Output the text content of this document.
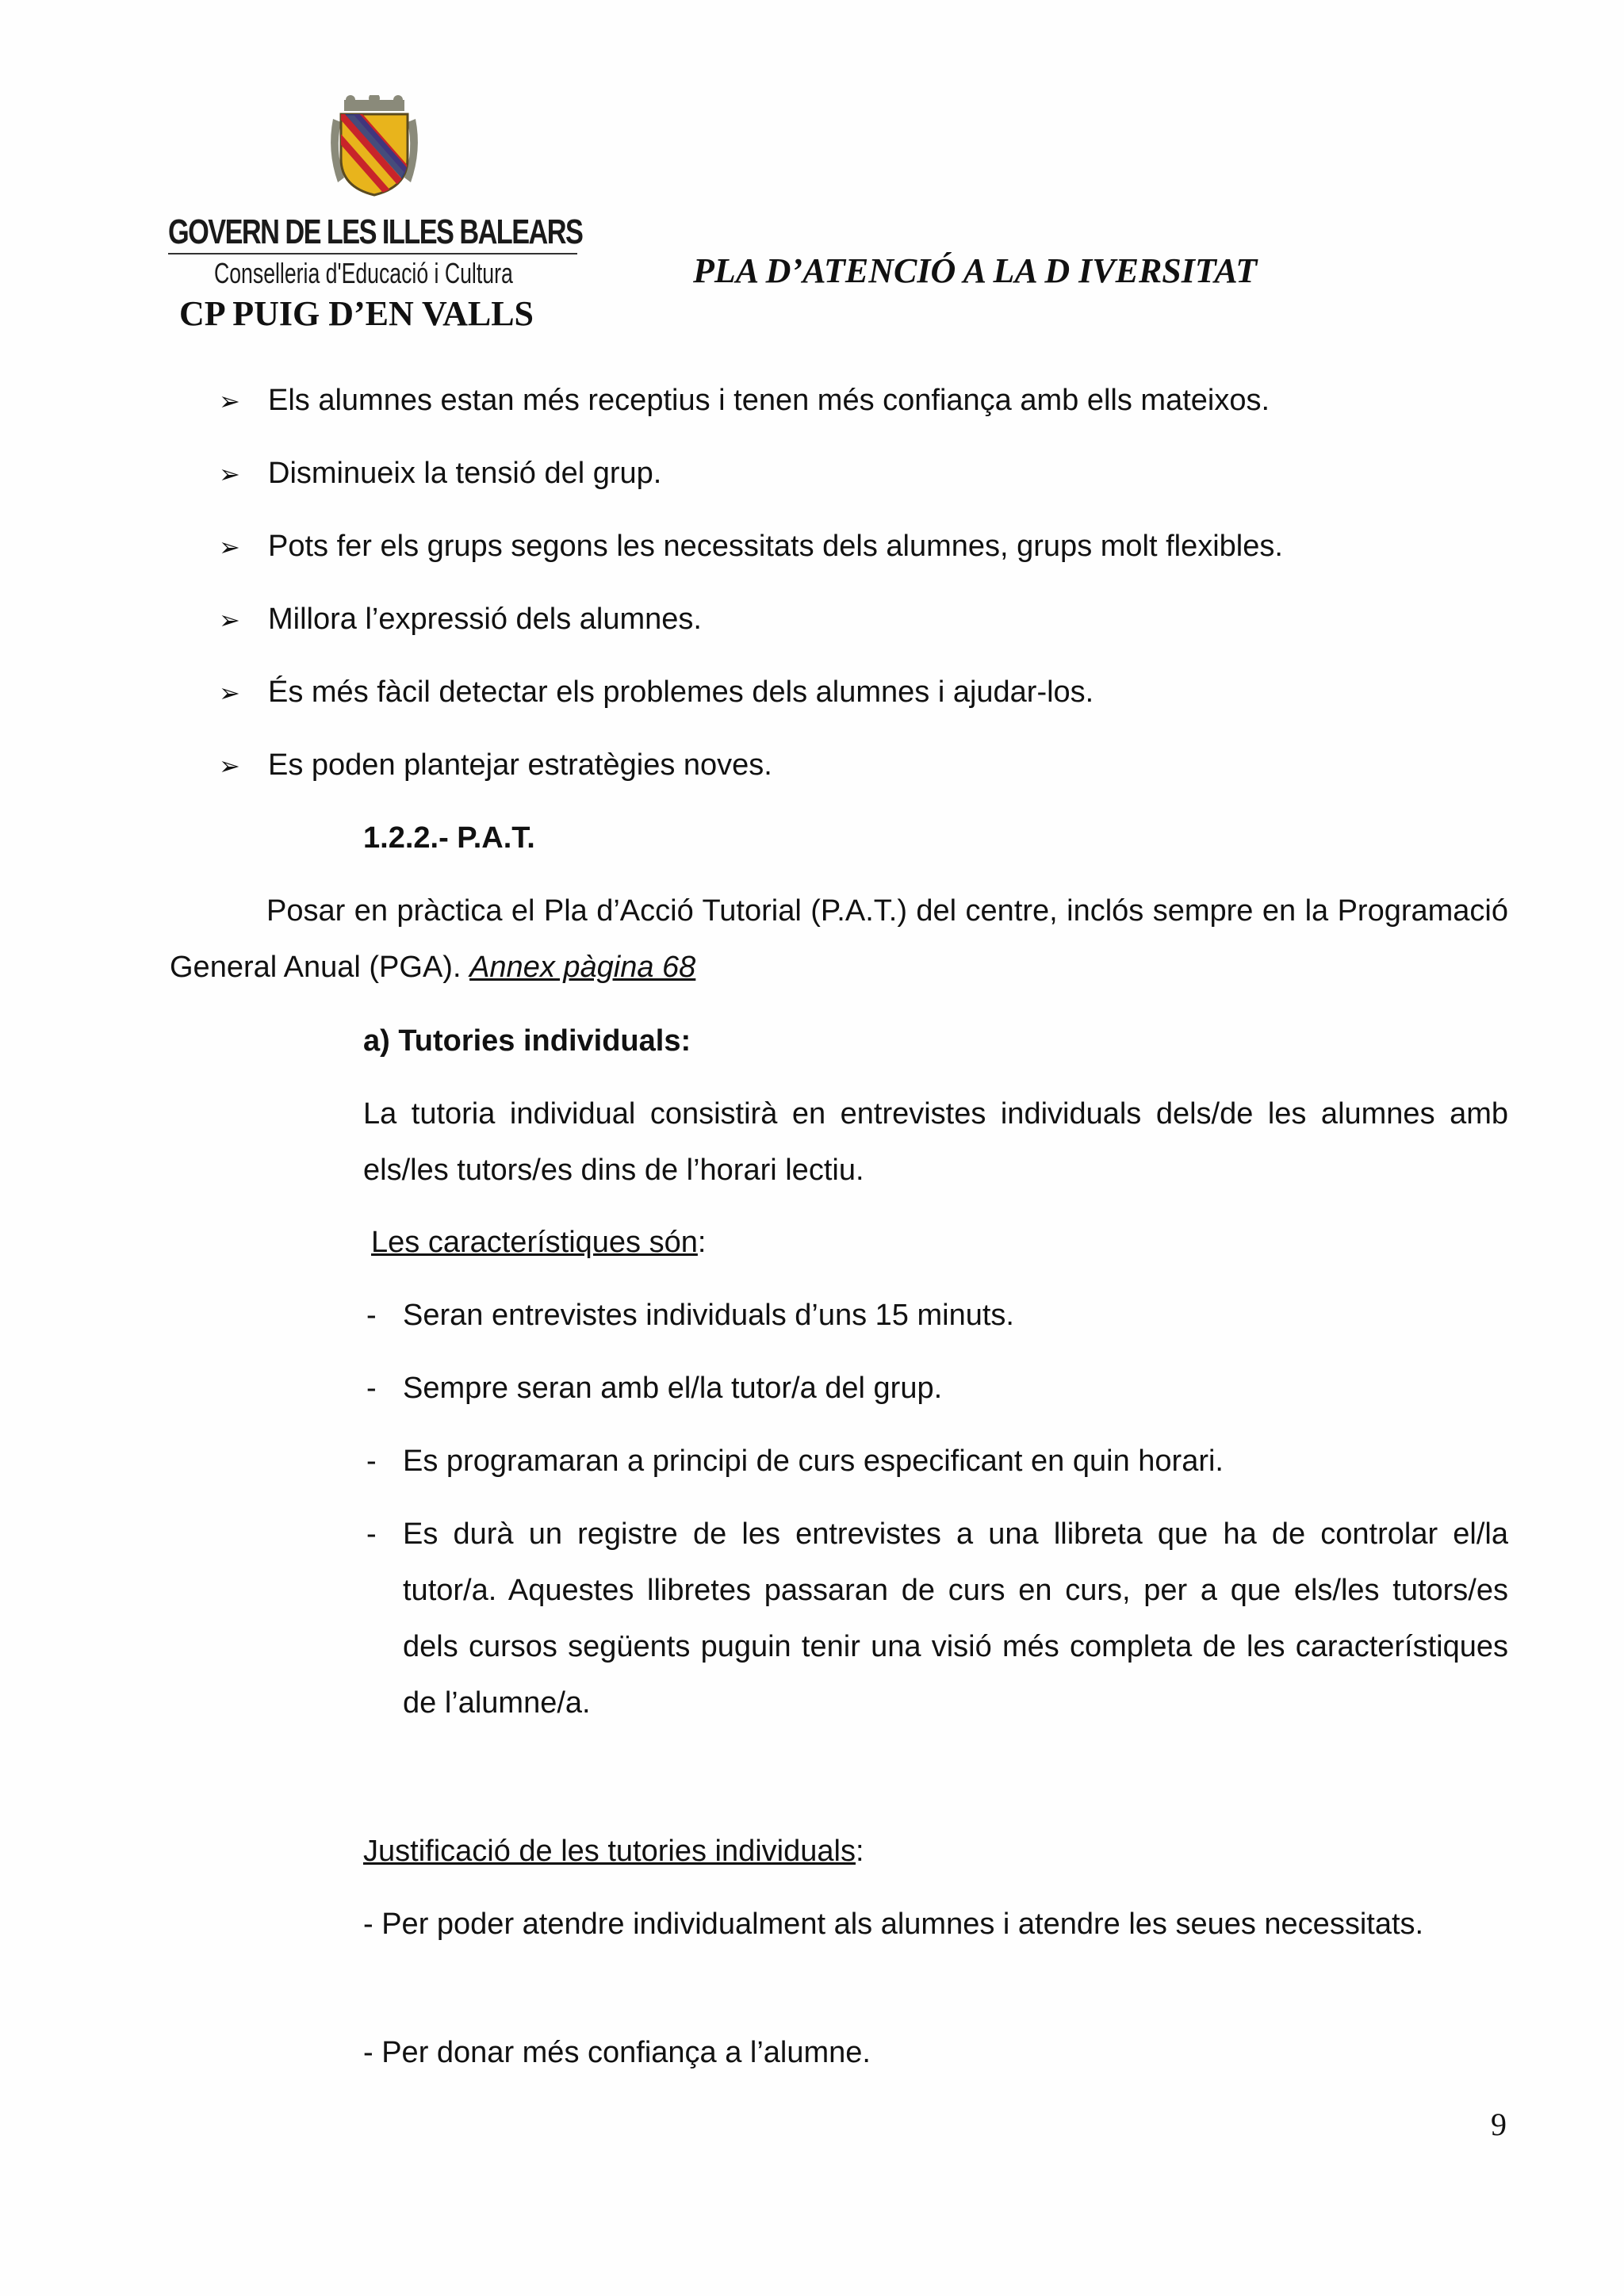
GOVERN DE LES ILLES BALEARS
Conselleria d'Educació i Cultura
CP PUIG D’EN VALLS
PLA D’ATENCIÓ A LA D IVERSITAT
➢ Els alumnes estan més receptius i tenen més confiança amb ells mateixos.
➢ Disminueix la tensió del grup.
➢ Pots fer els grups segons les necessitats dels alumnes, grups molt flexibles.
➢ Millora l’expressió dels alumnes.
➢ És més fàcil detectar els problemes dels alumnes i ajudar-los.
➢ Es poden plantejar estratègies noves.
1.2.2.- P.A.T.
Posar en pràctica el Pla d’Acció Tutorial (P.A.T.) del centre, inclós sempre en la Programació General Anual (PGA). Annex pàgina 68
a) Tutories individuals:
La tutoria individual consistirà en entrevistes individuals dels/de les alumnes amb els/les tutors/es dins de l’horari lectiu.
Les característiques són:
- Seran entrevistes individuals d’uns 15 minuts.
- Sempre seran amb el/la tutor/a del grup.
- Es programaran a principi de curs especificant en quin horari.
- Es durà un registre de les entrevistes a una llibreta que ha de controlar el/la tutor/a. Aquestes llibretes passaran de curs en curs, per a que els/les tutors/es dels cursos següents puguin tenir una visió més completa de les característiques de l’alumne/a.
Justificació de les tutories individuals:
- Per poder atendre individualment als alumnes i atendre les seues necessitats.
- Per donar més confiança a l’alumne.
9
